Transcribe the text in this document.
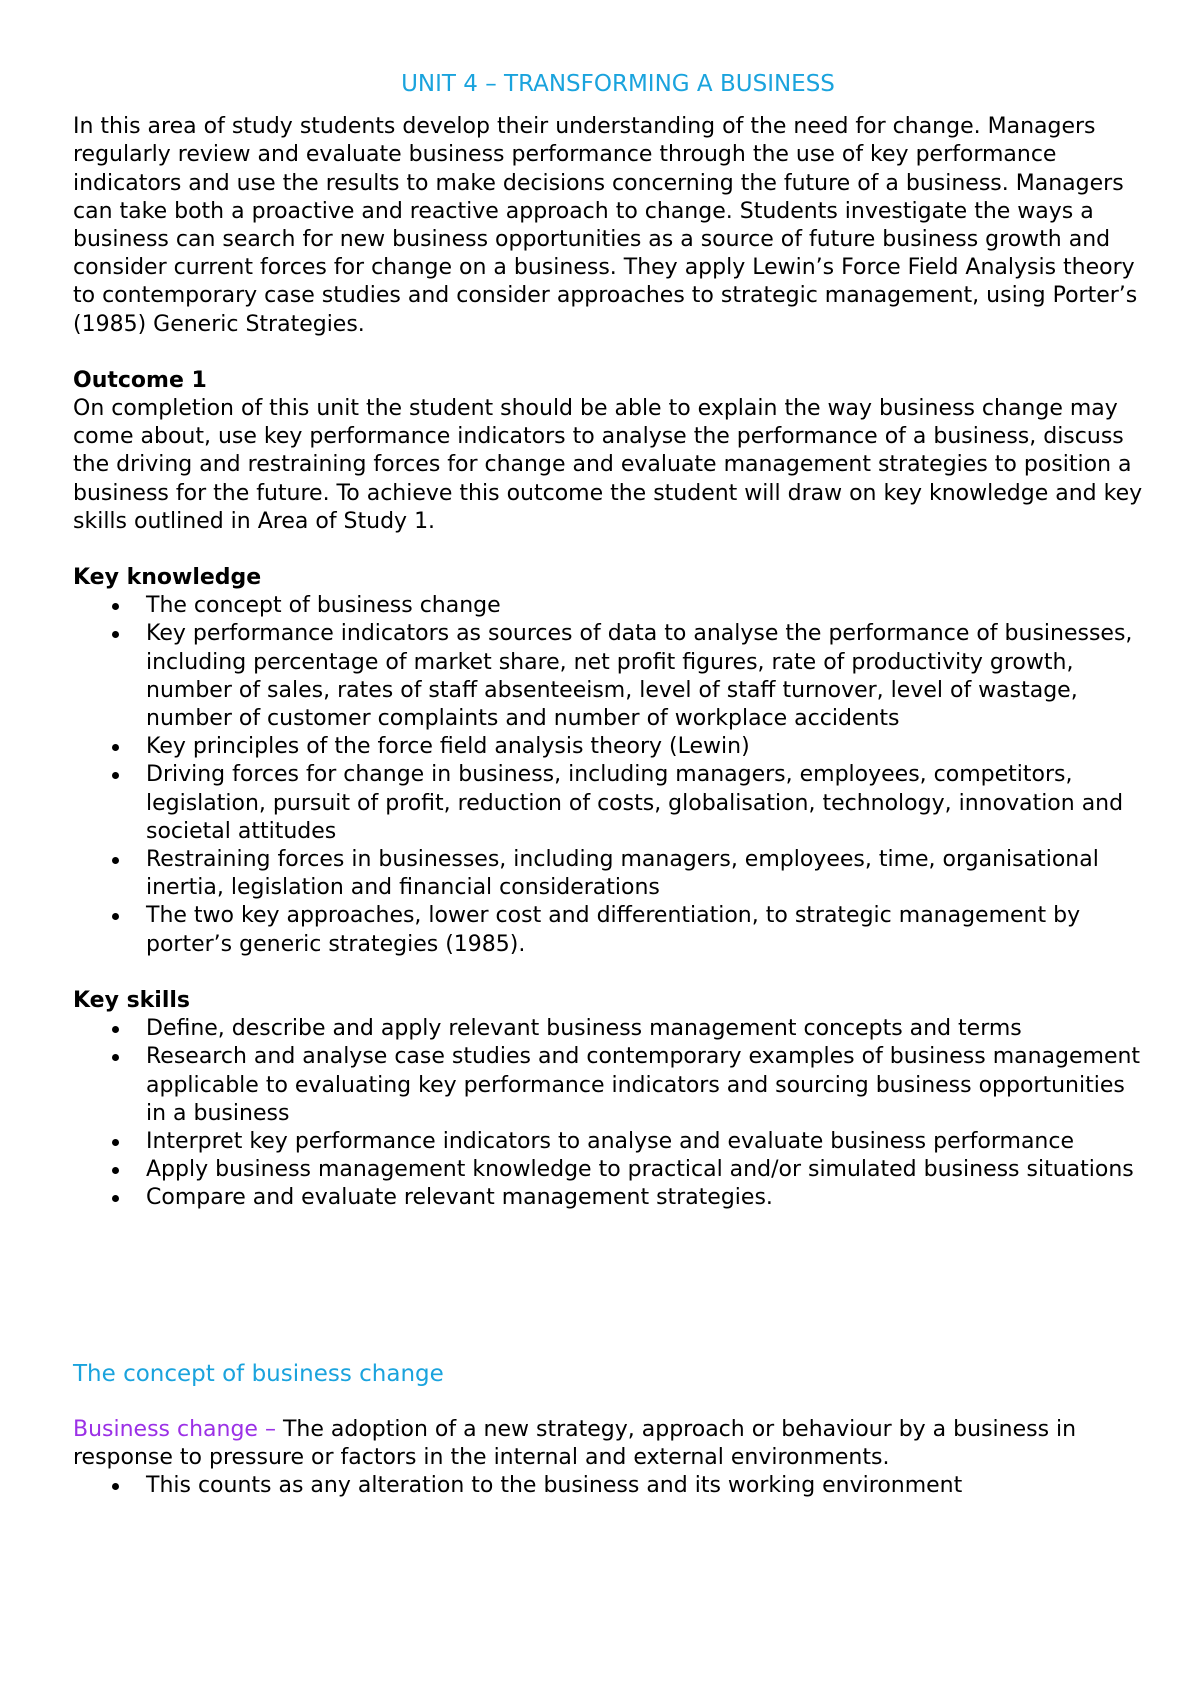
UNIT 4 – TRANSFORMING A BUSINESS

In this area of study students develop their understanding of the need for change. Managers regularly review and evaluate business performance through the use of key performance indicators and use the results to make decisions concerning the future of a business. Managers can take both a proactive and reactive approach to change. Students investigate the ways a business can search for new business opportunities as a source of future business growth and consider current forces for change on a business. They apply Lewin’s Force Field Analysis theory to contemporary case studies and consider approaches to strategic management, using Porter’s (1985) Generic Strategies.

Outcome 1

On completion of this unit the student should be able to explain the way business change may come about, use key performance indicators to analyse the performance of a business, discuss the driving and restraining forces for change and evaluate management strategies to position a business for the future. To achieve this outcome the student will draw on key knowledge and key skills outlined in Area of Study 1.

Key knowledge

The concept of business change
Key performance indicators as sources of data to analyse the performance of businesses, including percentage of market share, net profit figures, rate of productivity growth, number of sales, rates of staff absenteeism, level of staff turnover, level of wastage, number of customer complaints and number of workplace accidents
Key principles of the force field analysis theory (Lewin)
Driving forces for change in business, including managers, employees, competitors, legislation, pursuit of profit, reduction of costs, globalisation, technology, innovation and societal attitudes
Restraining forces in businesses, including managers, employees, time, organisational inertia, legislation and financial considerations
The two key approaches, lower cost and differentiation, to strategic management by porter’s generic strategies (1985).

Key skills

Define, describe and apply relevant business management concepts and terms
Research and analyse case studies and contemporary examples of business management applicable to evaluating key performance indicators and sourcing business opportunities in a business
Interpret key performance indicators to analyse and evaluate business performance
Apply business management knowledge to practical and/or simulated business situations
Compare and evaluate relevant management strategies.

The concept of business change

Business change – The adoption of a new strategy, approach or behaviour by a business in response to pressure or factors in the internal and external environments.

This counts as any alteration to the business and its working environment
